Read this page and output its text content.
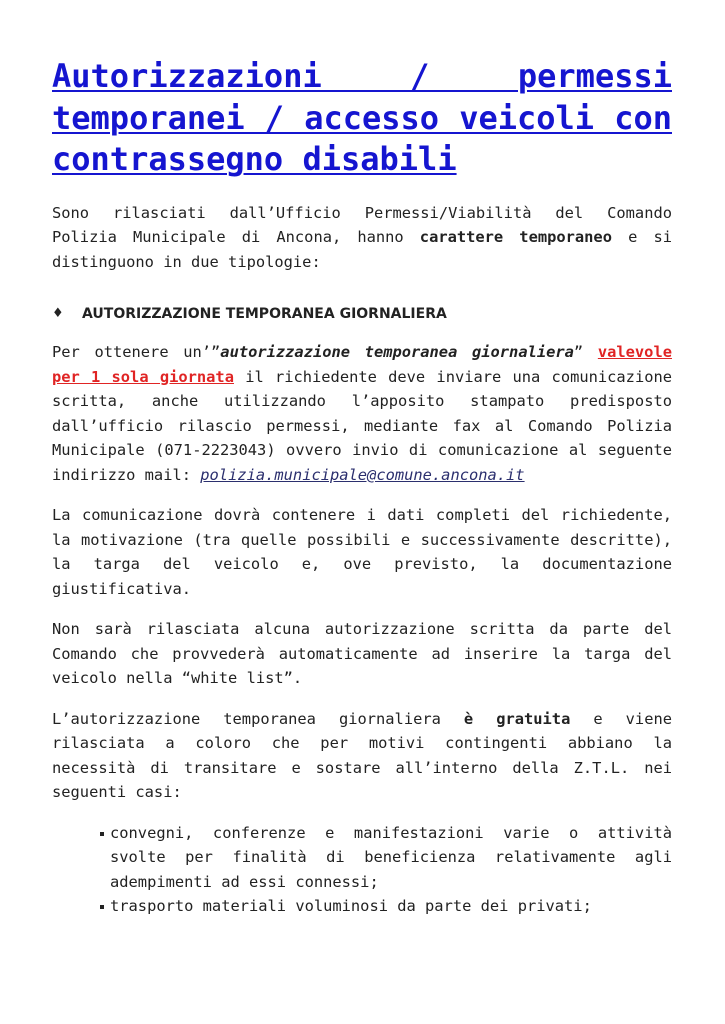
Autorizzazioni / permessi temporanei / accesso veicoli con contrassegno disabili

Sono rilasciati dall’Ufficio Permessi/Viabilità del Comando Polizia Municipale di Ancona, hanno carattere temporaneo e si distinguono in due tipologie:

♦	AUTORIZZAZIONE TEMPORANEA GIORNALIERA

Per ottenere un’”autorizzazione temporanea giornaliera” valevole per 1 sola giornata il richiedente deve inviare una comunicazione scritta, anche utilizzando l’apposito stampato predisposto dall’ufficio rilascio permessi, mediante fax al Comando Polizia Municipale (071-2223043) ovvero invio di comunicazione al seguente indirizzo mail: polizia.municipale@comune.ancona.it

La comunicazione dovrà contenere i dati completi del richiedente, la motivazione (tra quelle possibili e successivamente descritte), la targa del veicolo e, ove previsto, la documentazione giustificativa.

Non sarà rilasciata alcuna autorizzazione scritta da parte del Comando che provvederà automaticamente ad inserire la targa del veicolo nella “white list”.

L’autorizzazione temporanea giornaliera è gratuita e viene rilasciata a coloro che per motivi contingenti abbiano la necessità di transitare e sostare all’interno della Z.T.L. nei seguenti casi:

convegni, conferenze e manifestazioni varie o attività svolte per finalità di beneficienza relativamente agli adempimenti ad essi connessi;
trasporto materiali voluminosi da parte dei privati;
